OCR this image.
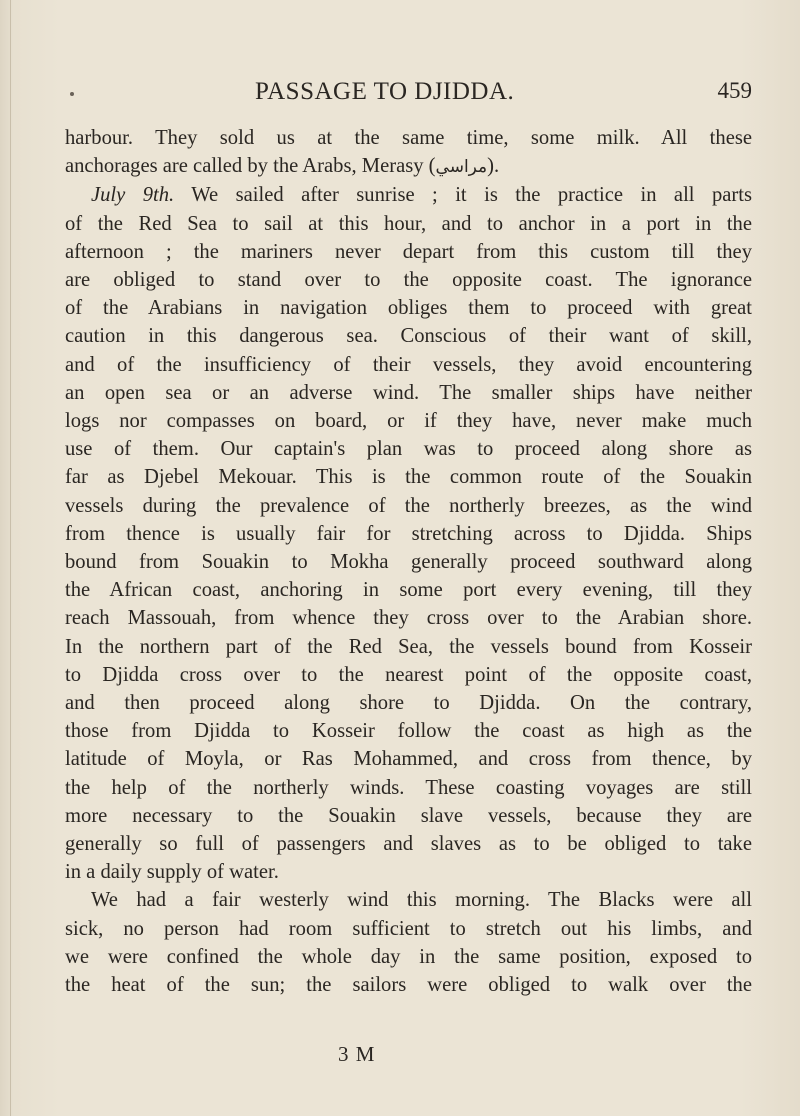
PASSAGE TO DJIDDA.	459
harbour. They sold us at the same time, some milk. All these
anchorages are called by the Arabs, Merasy (مراسي).
July 9th. We sailed after sunrise ; it is the practice in all parts
of the Red Sea to sail at this hour, and to anchor in a port in the
afternoon ; the mariners never depart from this custom till they
are obliged to stand over to the opposite coast. The ignorance
of the Arabians in navigation obliges them to proceed with great
caution in this dangerous sea. Conscious of their want of skill,
and of the insufficiency of their vessels, they avoid encountering
an open sea or an adverse wind. The smaller ships have neither
logs nor compasses on board, or if they have, never make much
use of them. Our captain's plan was to proceed along shore as
far as Djebel Mekouar. This is the common route of the Souakin
vessels during the prevalence of the northerly breezes, as the wind
from thence is usually fair for stretching across to Djidda. Ships
bound from Souakin to Mokha generally proceed southward along
the African coast, anchoring in some port every evening, till they
reach Massouah, from whence they cross over to the Arabian shore.
In the northern part of the Red Sea, the vessels bound from Kosseir
to Djidda cross over to the nearest point of the opposite coast,
and then proceed along shore to Djidda. On the contrary,
those from Djidda to Kosseir follow the coast as high as the
latitude of Moyla, or Ras Mohammed, and cross from thence, by
the help of the northerly winds. These coasting voyages are still
more necessary to the Souakin slave vessels, because they are
generally so full of passengers and slaves as to be obliged to take
in a daily supply of water.
We had a fair westerly wind this morning. The Blacks were all
sick, no person had room sufficient to stretch out his limbs, and
we were confined the whole day in the same position, exposed to
the heat of the sun; the sailors were obliged to walk over the
3 M
